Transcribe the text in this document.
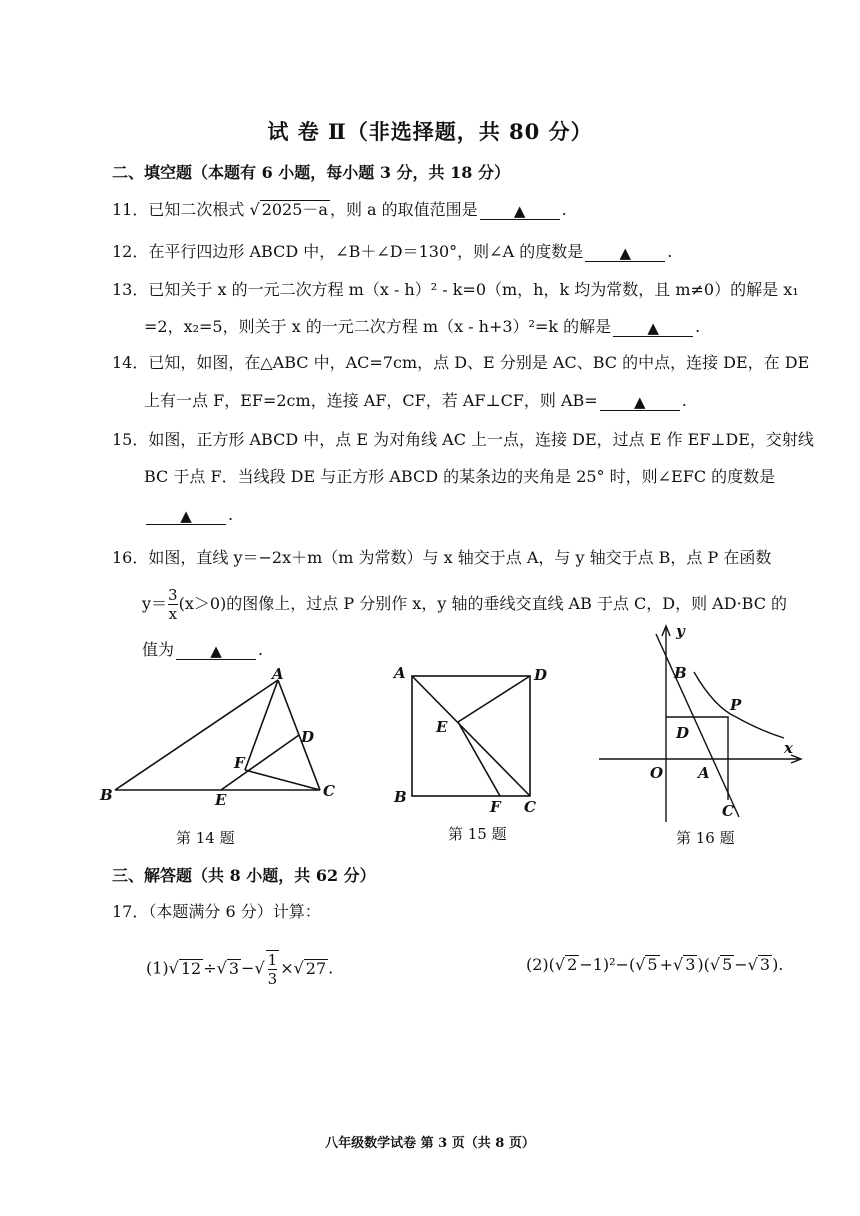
试 卷 Ⅱ（非选择题，共 80 分）
二、填空题（本题有 6 小题，每小题 3 分，共 18 分）
11．已知二次根式 √ 2025－a ，则 a 的取值范围是 ▲ .
12．在平行四边形 ABCD 中，∠B＋∠D＝130°，则∠A 的度数是 ▲ .
13．已知关于 x 的一元二次方程 m（x - h）² - k=0（m，h，k 均为常数，且 m≠0）的解是 x₁
=2，x₂=5，则关于 x 的一元二次方程 m（x - h+3）²=k 的解是 ▲ .
14．已知，如图，在△ABC 中，AC=7cm，点 D、E 分别是 AC、BC 的中点，连接 DE，在 DE
上有一点 F，EF=2cm，连接 AF，CF，若 AF⊥CF，则 AB= ▲ .
15．如图，正方形 ABCD 中，点 E 为对角线 AC 上一点，连接 DE，过点 E 作 EF⊥DE，交射线
BC 于点 F．当线段 DE 与正方形 ABCD 的某条边的夹角是 25° 时，则∠EFC 的度数是
▲ .
16．如图，直线 y＝−2x＋m（m 为常数）与 x 轴交于点 A，与 y 轴交于点 B，点 P 在函数
$y= \frac{3}{x} (x>0)$的图像上，过点 P 分别作 x，y 轴的垂线交直线 AB 于点 C，D，则 AD·BC 的
值为 ▲ .
A
B	C
D
E
F
第 14 题
A	D
E
B
F C
第 15 题
y
x
B
P
D
O A
C
第 16 题
三、解答题（共 8 小题，共 62 分）
17．（本题满分 6 分）计算：
(1)√ 12 ÷√ 3 −√ $\frac{1}{3}$ ×√ 27 .	(2)(√ 2 −1)²−(√ 5 +√ 3 )(√ 5 −√ 3 ).
八年级数学试卷 第 3 页（共 8 页）
